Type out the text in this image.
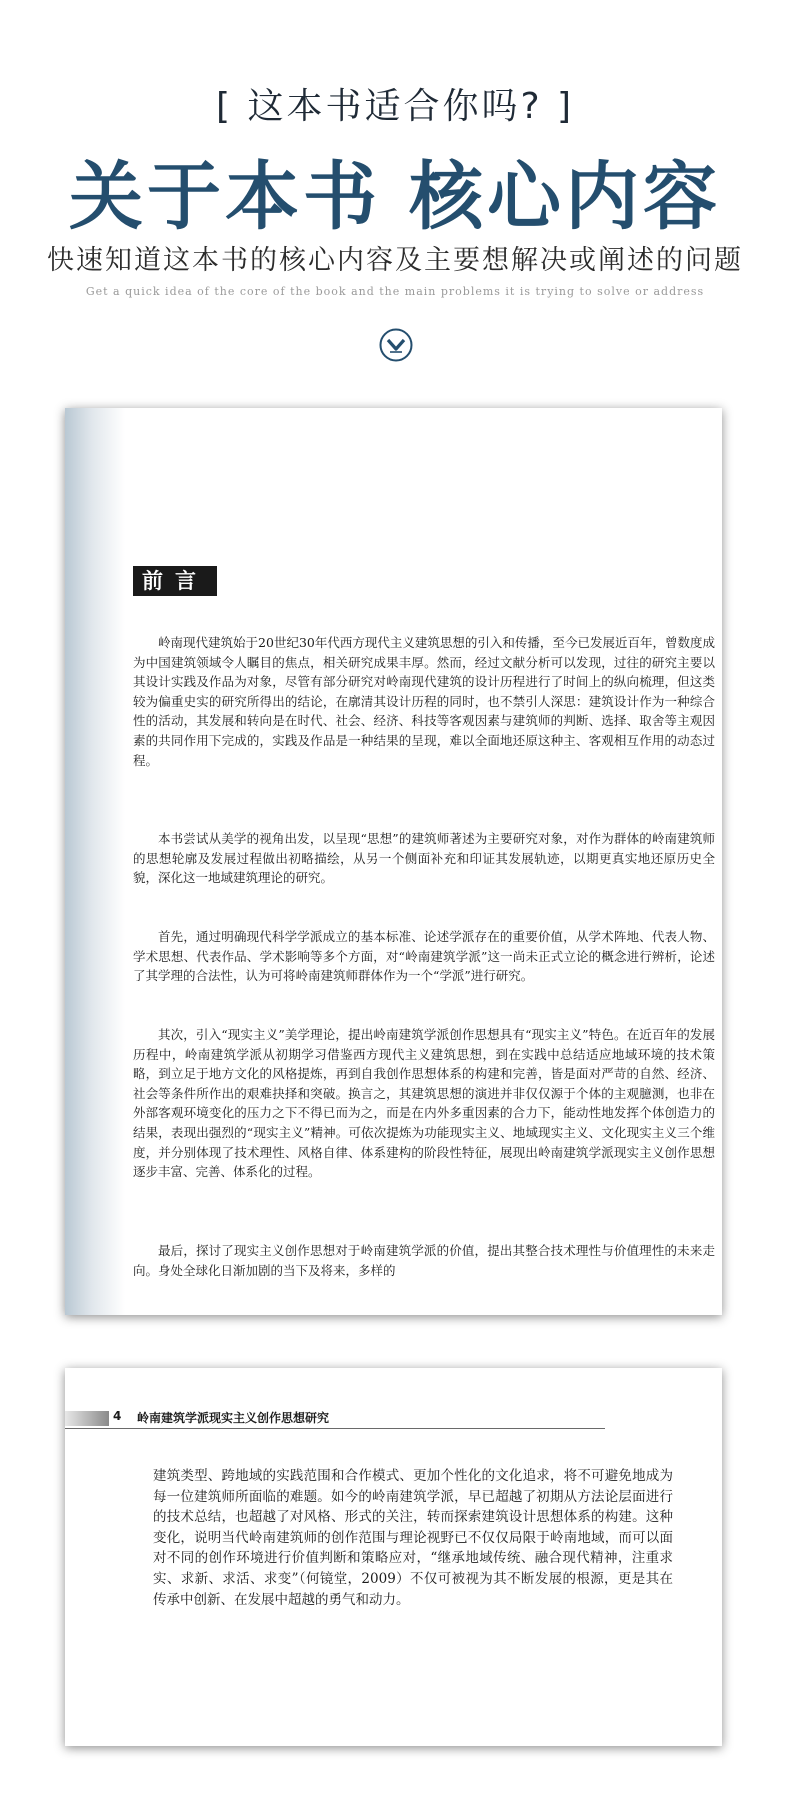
[ 这本书适合你吗? ]
关于本书 核心内容
快速知道这本书的核心内容及主要想解决或阐述的问题
Get a quick idea of the core of the book and the main problems it is trying to solve or address
前言

岭南现代建筑始于20世纪30年代西方现代主义建筑思想的引入和传播，至今已发展近百年，曾数度成为中国建筑领域令人瞩目的焦点，相关研究成果丰厚。然而，经过文献分析可以发现，过往的研究主要以其设计实践及作品为对象，尽管有部分研究对岭南现代建筑的设计历程进行了时间上的纵向梳理，但这类较为偏重史实的研究所得出的结论，在廓清其设计历程的同时，也不禁引人深思：建筑设计作为一种综合性的活动，其发展和转向是在时代、社会、经济、科技等客观因素与建筑师的判断、选择、取舍等主观因素的共同作用下完成的，实践及作品是一种结果的呈现，难以全面地还原这种主、客观相互作用的动态过程。

本书尝试从美学的视角出发，以呈现“思想”的建筑师著述为主要研究对象，对作为群体的岭南建筑师的思想轮廓及发展过程做出初略描绘，从另一个侧面补充和印证其发展轨迹，以期更真实地还原历史全貌，深化这一地域建筑理论的研究。

首先，通过明确现代科学学派成立的基本标准、论述学派存在的重要价值，从学术阵地、代表人物、学术思想、代表作品、学术影响等多个方面，对“岭南建筑学派”这一尚未正式立论的概念进行辨析，论述了其学理的合法性，认为可将岭南建筑师群体作为一个“学派”进行研究。

其次，引入“现实主义”美学理论，提出岭南建筑学派创作思想具有“现实主义”特色。在近百年的发展历程中，岭南建筑学派从初期学习借鉴西方现代主义建筑思想，到在实践中总结适应地域环境的技术策略，到立足于地方文化的风格提炼，再到自我创作思想体系的构建和完善，皆是面对严苛的自然、经济、社会等条件所作出的艰难抉择和突破。换言之，其建筑思想的演进并非仅仅源于个体的主观臆测，也非在外部客观环境变化的压力之下不得已而为之，而是在内外多重因素的合力下，能动性地发挥个体创造力的结果，表现出强烈的“现实主义”精神。可依次提炼为功能现实主义、地域现实主义、文化现实主义三个维度，并分别体现了技术理性、风格自律、体系建构的阶段性特征，展现出岭南建筑学派现实主义创作思想逐步丰富、完善、体系化的过程。

最后，探讨了现实主义创作思想对于岭南建筑学派的价值，提出其整合技术理性与价值理性的未来走向。身处全球化日渐加剧的当下及将来，多样的

4 岭南建筑学派现实主义创作思想研究

建筑类型、跨地域的实践范围和合作模式、更加个性化的文化追求，将不可避免地成为每一位建筑师所面临的难题。如今的岭南建筑学派，早已超越了初期从方法论层面进行的技术总结，也超越了对风格、形式的关注，转而探索建筑设计思想体系的构建。这种变化，说明当代岭南建筑师的创作范围与理论视野已不仅仅局限于岭南地域，而可以面对不同的创作环境进行价值判断和策略应对，“继承地域传统、融合现代精神，注重求实、求新、求活、求变”（何镜堂，2009）不仅可被视为其不断发展的根源，更是其在传承中创新、在发展中超越的勇气和动力。
